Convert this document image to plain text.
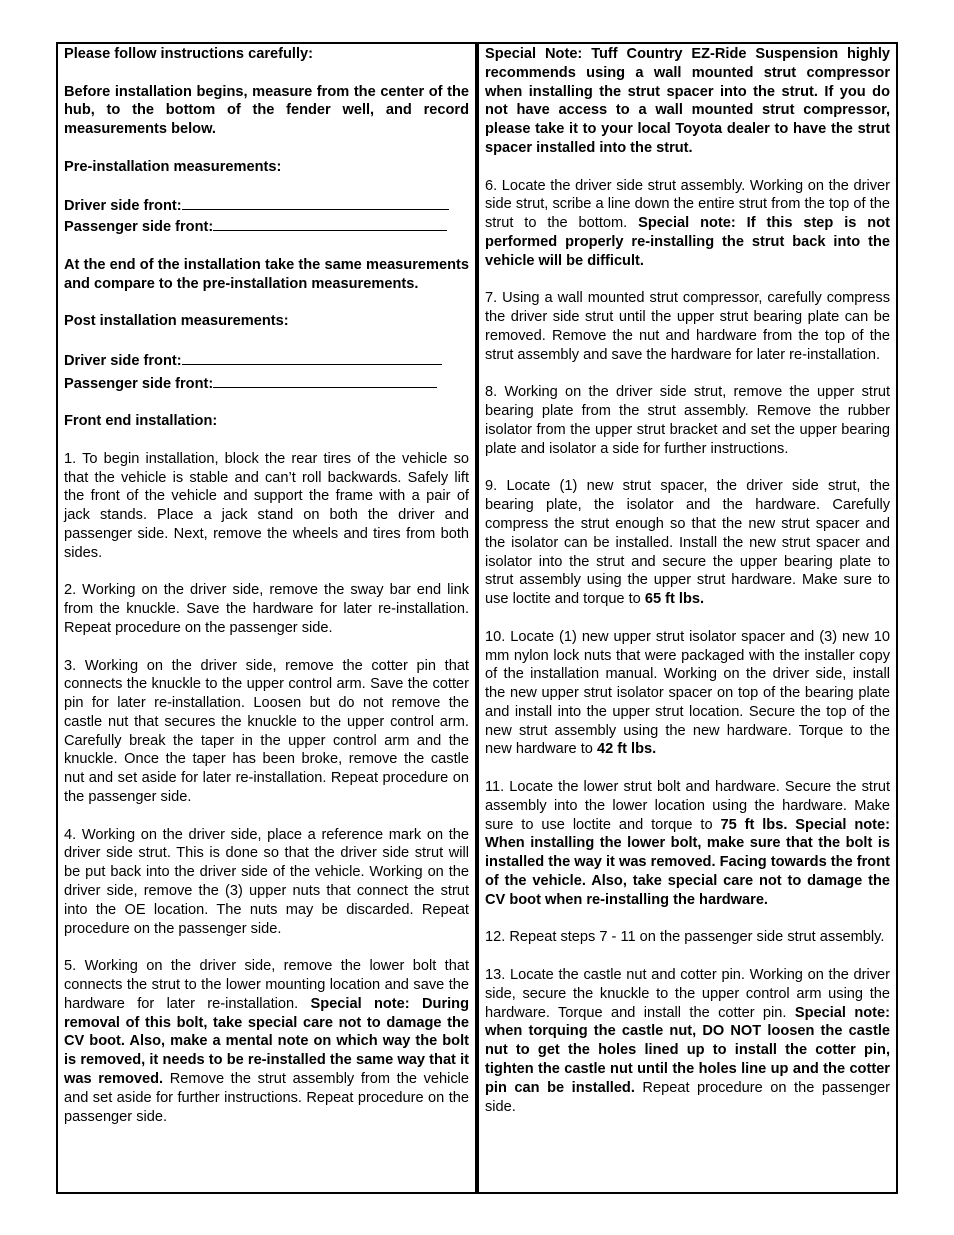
Please follow instructions carefully:

Before installation begins, measure from the center of the hub, to the bottom of the fender well, and record measurements below.

Pre-installation measurements:

Driver side front:
Passenger side front:

At the end of the installation take the same measurements and compare to the pre-installation measurements.

Post installation measurements:

Driver side front:
Passenger side front:

Front end installation:

1. To begin installation, block the rear tires of the vehicle so that the vehicle is stable and can’t roll backwards. Safely lift the front of the vehicle and support the frame with a pair of jack stands. Place a jack stand on both the driver and passenger side. Next, remove the wheels and tires from both sides.

2. Working on the driver side, remove the sway bar end link from the knuckle. Save the hardware for later re-installation. Repeat procedure on the passenger side.

3. Working on the driver side, remove the cotter pin that connects the knuckle to the upper control arm. Save the cotter pin for later re-installation. Loosen but do not remove the castle nut that secures the knuckle to the upper control arm. Carefully break the taper in the upper control arm and the knuckle. Once the taper has been broke, remove the castle nut and set aside for later re-installation. Repeat procedure on the passenger side.

4. Working on the driver side, place a reference mark on the driver side strut. This is done so that the driver side strut will be put back into the driver side of the vehicle. Working on the driver side, remove the (3) upper nuts that connect the strut into the OE location. The nuts may be discarded. Repeat procedure on the passenger side.

5. Working on the driver side, remove the lower bolt that connects the strut to the lower mounting location and save the hardware for later re-installation. Special note: During removal of this bolt, take special care not to damage the CV boot. Also, make a mental note on which way the bolt is removed, it needs to be re-installed the same way that it was removed. Remove the strut assembly from the vehicle and set aside for further instructions. Repeat procedure on the passenger side.

Special Note: Tuff Country EZ-Ride Suspension highly recommends using a wall mounted strut compressor when installing the strut spacer into the strut. If you do not have access to a wall mounted strut compressor, please take it to your local Toyota dealer to have the strut spacer installed into the strut.

6. Locate the driver side strut assembly. Working on the driver side strut, scribe a line down the entire strut from the top of the strut to the bottom. Special note: If this step is not performed properly re-installing the strut back into the vehicle will be difficult.

7. Using a wall mounted strut compressor, carefully compress the driver side strut until the upper strut bearing plate can be removed. Remove the nut and hardware from the top of the strut assembly and save the hardware for later re-installation.

8. Working on the driver side strut, remove the upper strut bearing plate from the strut assembly. Remove the rubber isolator from the upper strut bracket and set the upper bearing plate and isolator a side for further instructions.

9. Locate (1) new strut spacer, the driver side strut, the bearing plate, the isolator and the hardware. Carefully compress the strut enough so that the new strut spacer and the isolator can be installed. Install the new strut spacer and isolator into the strut and secure the upper bearing plate to strut assembly using the upper strut hardware. Make sure to use loctite and torque to 65 ft lbs.

10. Locate (1) new upper strut isolator spacer and (3) new 10 mm nylon lock nuts that were packaged with the installer copy of the installation manual. Working on the driver side, install the new upper strut isolator spacer on top of the bearing plate and install into the upper strut location. Secure the top of the new strut assembly using the new hardware. Torque to the new hardware to 42 ft lbs.

11. Locate the lower strut bolt and hardware. Secure the strut assembly into the lower location using the hardware. Make sure to use loctite and torque to 75 ft lbs. Special note: When installing the lower bolt, make sure that the bolt is installed the way it was removed. Facing towards the front of the vehicle. Also, take special care not to damage the CV boot when re-installing the hardware.

12. Repeat steps 7 - 11 on the passenger side strut assembly.

13. Locate the castle nut and cotter pin. Working on the driver side, secure the knuckle to the upper control arm using the hardware. Torque and install the cotter pin. Special note: when torquing the castle nut, DO NOT loosen the castle nut to get the holes lined up to install the cotter pin, tighten the castle nut until the holes line up and the cotter pin can be installed. Repeat procedure on the passenger side.
